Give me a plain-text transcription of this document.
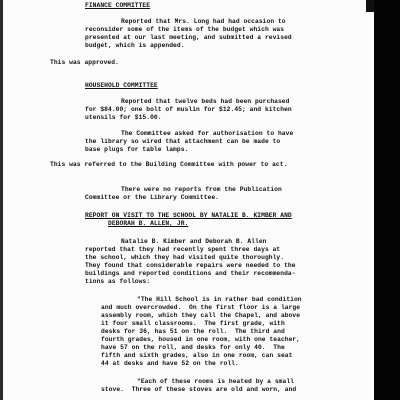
FINANCE COMMITTEE
Reported that Mrs. Long had had occasion to
reconsider some of the items of the budget which was
presented at our last meeting, and submitted a revised
budget, which is appended.
This was approved.
HOUSEHOLD COMMITTEE
Reported that twelve beds had been purchased
for $84.00; one bolt of muslin for $12.45; and kitchen
utensils for $15.00.
The Committee asked for authorisation to have
the library so wired that attachment can be made to
base plugs for table lamps.
This was referred to the Building Committee with power to act.
There were no reports from the Publication
Committee or the Library Committee.
REPORT ON VISIT TO THE SCHOOL BY NATALIE B. KIMBER AND
DEBORAH B. ALLEN, JR.
Natalie B. Kimber and Deborah B. Allen
reported that they had recently spent three days at
the school, which they had visited quite thoroughly.
They found that considerable repairs were needed to the
buildings and reported conditions and their recommenda-
tions as follows:
"The Hill School is in rather bad condition
and much overcrowded.  On the first floor is a large
assembly room, which they call the Chapel, and above
it four small classrooms.  The first grade, with
desks for 36, has 51 on the roll.  The third and
fourth grades, housed in one room, with one teacher,
have 57 on the roll, and desks for only 40.  The
fifth and sixth grades, also in one room, can seat
44 at desks and have 52 on the roll.
"Each of these rooms is heated by a small
stove.  Three of these stoves are old and worn, and
